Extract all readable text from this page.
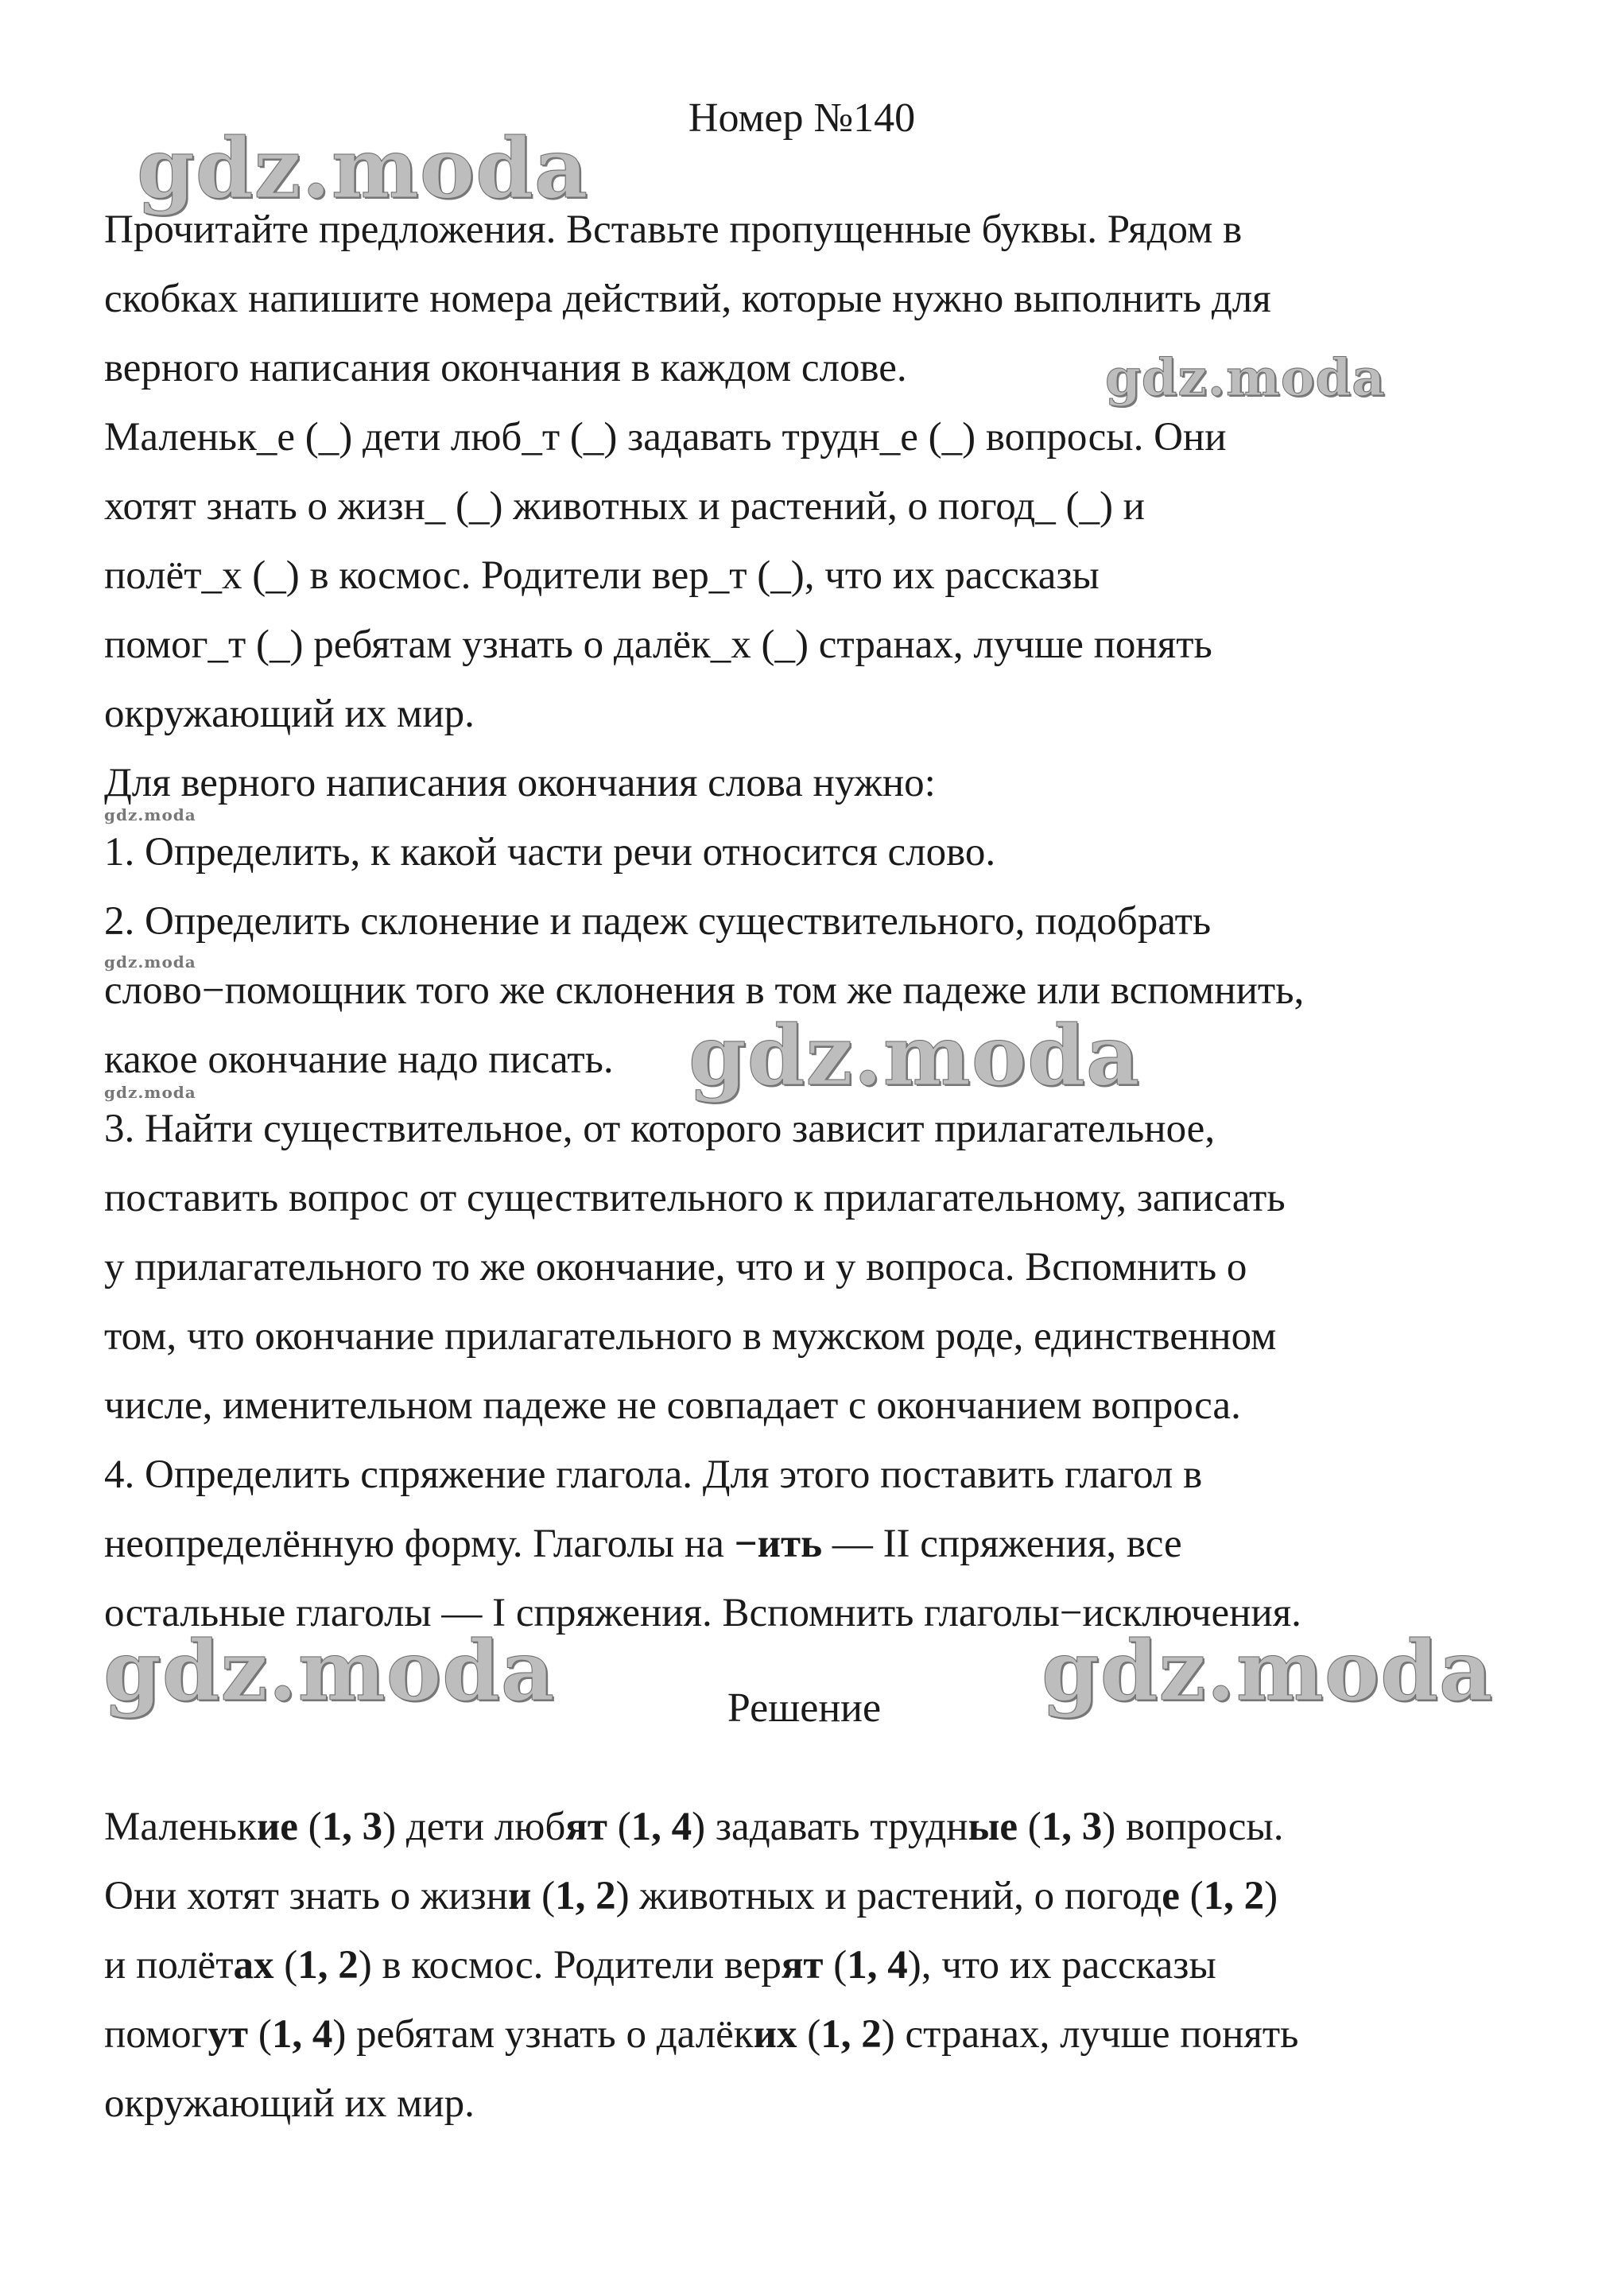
Номер №140
Прочитайте предложения. Вставьте пропущенные буквы. Рядом в
скобках напишите номера действий, которые нужно выполнить для
верного написания окончания в каждом слове.
Маленьк_е (_) дети люб_т (_) задавать трудн_е (_) вопросы. Они
хотят знать о жизн_ (_) животных и растений, о погод_ (_) и
полёт_х (_) в космос. Родители вер_т (_), что их рассказы
помог_т (_) ребятам узнать о далёк_х (_) странах, лучше понять
окружающий их мир.
Для верного написания окончания слова нужно:
1. Определить, к какой части речи относится слово.
2. Определить склонение и падеж существительного, подобрать
слово−помощник того же склонения в том же падеже или вспомнить,
какое окончание надо писать.
3. Найти существительное, от которого зависит прилагательное,
поставить вопрос от существительного к прилагательному, записать
у прилагательного то же окончание, что и у вопроса. Вспомнить о
том, что окончание прилагательного в мужском роде, единственном
числе, именительном падеже не совпадает с окончанием вопроса.
4. Определить спряжение глагола. Для этого поставить глагол в
неопределённую форму. Глаголы на −ить — II спряжения, все
остальные глаголы — I спряжения. Вспомнить глаголы−исключения.
Решение
Маленькие (1, 3) дети любят (1, 4) задавать трудные (1, 3) вопросы.
Они хотят знать о жизни (1, 2) животных и растений, о погоде (1, 2)
и полётах (1, 2) в космос. Родители верят (1, 4), что их рассказы
помогут (1, 4) ребятам узнать о далёких (1, 2) странах, лучше понять
окружающий их мир.
gdz.moda
gdz.moda
gdz.moda
gdz.moda	gdz.moda
gdz.moda
gdz.moda
gdz.moda
